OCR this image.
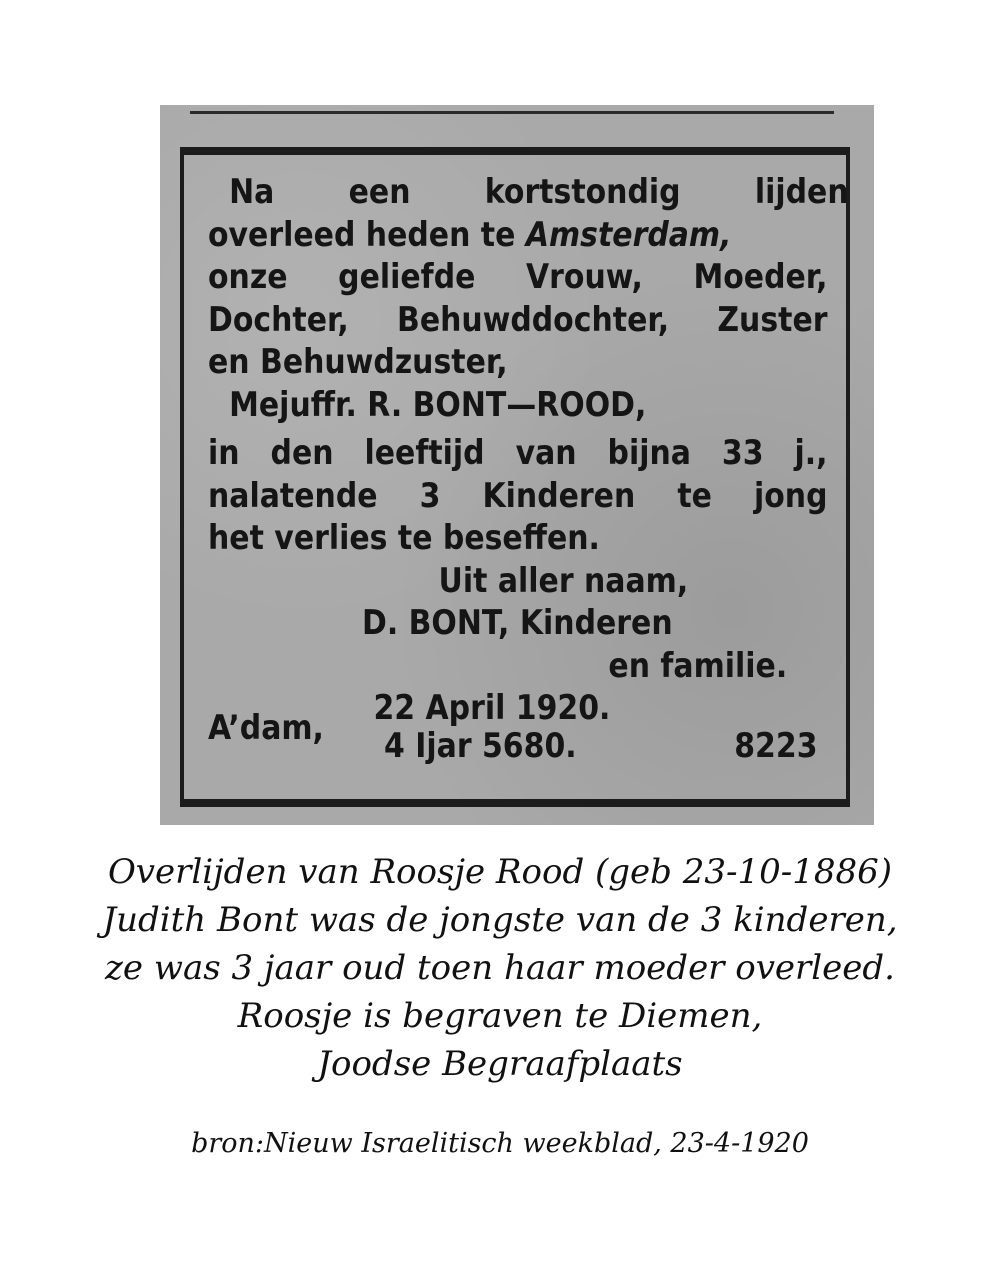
Na een kortstondig lijden
overleed heden te Amsterdam,
onze geliefde Vrouw, Moeder,
Dochter, Behuwddochter, Zuster
en Behuwdzuster,
Mejuffr. R. BONT—ROOD,
in den leeftijd van bijna 33 j.,
nalatende 3 Kinderen te jong
het verlies te beseffen.
Uit aller naam,
D. BONT, Kinderen
en familie.
A’dam, 22 April 1920.
4 Ijar 5680.	8223
Overlijden van Roosje Rood (geb 23-10-1886)
Judith Bont was de jongste van de 3 kinderen,
ze was 3 jaar oud toen haar moeder overleed.
Roosje is begraven te Diemen,
Joodse Begraafplaats
bron:Nieuw Israelitisch weekblad, 23-4-1920
